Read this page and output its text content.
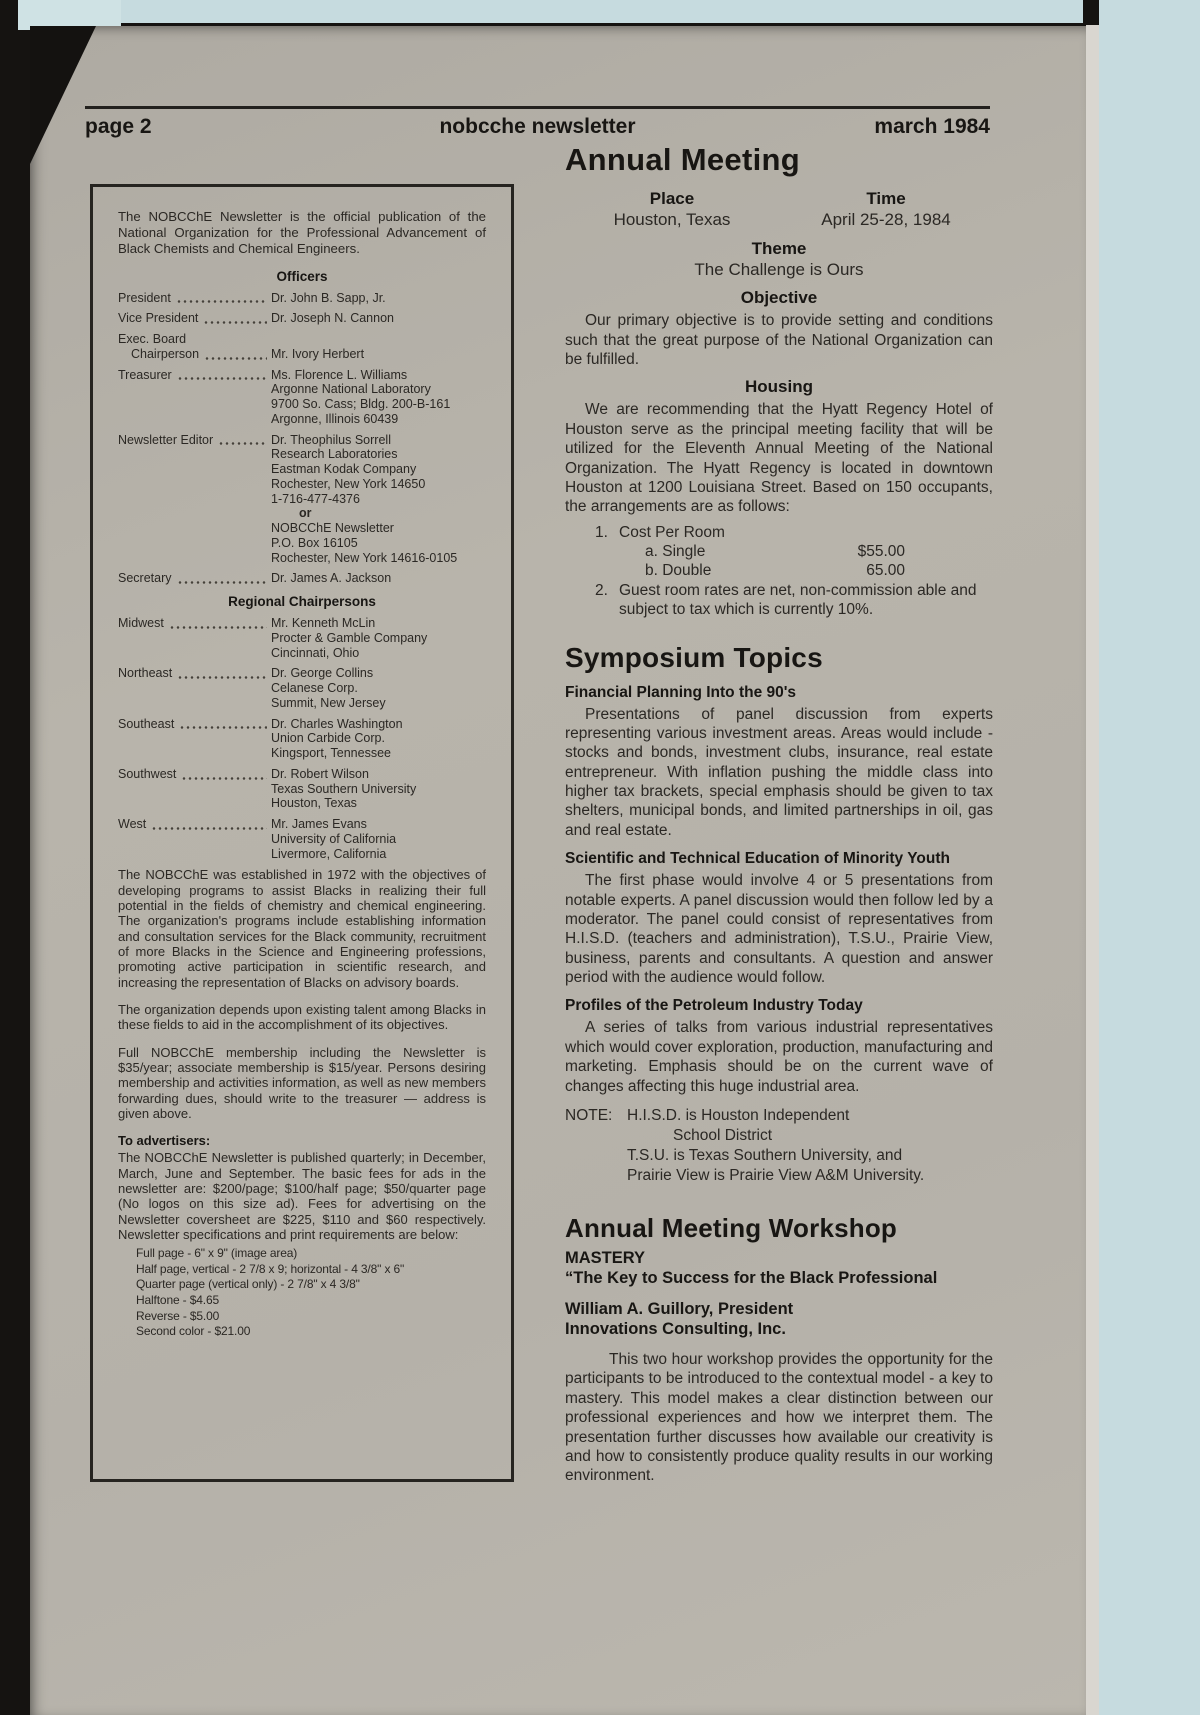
page 2	nobcche newsletter	march 1984

The NOBCChE Newsletter is the official publication of the National Organization for the Professional Advancement of Black Chemists and Chemical Engineers.

Officers
President	Dr. John B. Sapp, Jr.
Vice President	Dr. Joseph N. Cannon
Exec. Board
Chairperson	Mr. Ivory Herbert
Treasurer	Ms. Florence L. Williams
Argonne National Laboratory
9700 So. Cass; Bldg. 200-B-161
Argonne, Illinois 60439
Newsletter Editor	Dr. Theophilus Sorrell
Research Laboratories
Eastman Kodak Company
Rochester, New York 14650
1-716-477-4376
or
NOBCChE Newsletter
P.O. Box 16105
Rochester, New York 14616-0105
Secretary	Dr. James A. Jackson
Regional Chairpersons
Midwest	Mr. Kenneth McLin
Procter & Gamble Company
Cincinnati, Ohio
Northeast	Dr. George Collins
Celanese Corp.
Summit, New Jersey
Southeast	Dr. Charles Washington
Union Carbide Corp.
Kingsport, Tennessee
Southwest	Dr. Robert Wilson
Texas Southern University
Houston, Texas
West	Mr. James Evans
University of California
Livermore, California

The NOBCChE was established in 1972 with the objectives of developing programs to assist Blacks in realizing their full potential in the fields of chemistry and chemical engineering. The organization's programs include establishing information and consultation services for the Black community, recruitment of more Blacks in the Science and Engineering professions, promoting active participation in scientific research, and increasing the representation of Blacks on advisory boards.

The organization depends upon existing talent among Blacks in these fields to aid in the accomplishment of its objectives.

Full NOBCChE membership including the Newsletter is $35/year; associate membership is $15/year. Persons desiring membership and activities information, as well as new members forwarding dues, should write to the treasurer — address is given above.

To advertisers:

The NOBCChE Newsletter is published quarterly; in December, March, June and September. The basic fees for ads in the newsletter are: $200/page; $100/half page; $50/quarter page (No logos on this size ad). Fees for advertising on the Newsletter coversheet are $225, $110 and $60 respectively. Newsletter specifications and print requirements are below:

Full page - 6" x 9" (image area)
Half page, vertical - 2 7/8 x 9; horizontal - 4 3/8" x 6"
Quarter page (vertical only) - 2 7/8" x 4 3/8"
Halftone - $4.65
Reverse - $5.00
Second color - $21.00
Annual Meeting
Place
Houston, Texas
Time
April 25-28, 1984
Theme
The Challenge is Ours
Objective

Our primary objective is to provide setting and conditions such that the great purpose of the National Organization can be fulfilled.

Housing

We are recommending that the Hyatt Regency Hotel of Houston serve as the principal meeting facility that will be utilized for the Eleventh Annual Meeting of the National Organization. The Hyatt Regency is located in downtown Houston at 1200 Louisiana Street. Based on 150 occupants, the arrangements are as follows:

1. Cost Per Room
a. Single	$55.00
b. Double	65.00
2. Guest room rates are net, non-commission able and subject to tax which is currently 10%.
Symposium Topics
Financial Planning Into the 90's

Presentations of panel discussion from experts representing various investment areas. Areas would include - stocks and bonds, investment clubs, insurance, real estate entrepreneur. With inflation pushing the middle class into higher tax brackets, special emphasis should be given to tax shelters, municipal bonds, and limited partnerships in oil, gas and real estate.

Scientific and Technical Education of Minority Youth

The first phase would involve 4 or 5 presentations from notable experts. A panel discussion would then follow led by a moderator. The panel could consist of representatives from H.I.S.D. (teachers and administration), T.S.U., Prairie View, business, parents and consultants. A question and answer period with the audience would follow.

Profiles of the Petroleum Industry Today

A series of talks from various industrial representatives which would cover exploration, production, manufacturing and marketing. Emphasis should be on the current wave of changes affecting this huge industrial area.

NOTE: H.I.S.D. is Houston Independent
School District
T.S.U. is Texas Southern University, and
Prairie View is Prairie View A&M University.
Annual Meeting Workshop
MASTERY
“The Key to Success for the Black Professional
William A. Guillory, President
Innovations Consulting, Inc.

This two hour workshop provides the opportunity for the participants to be introduced to the contextual model - a key to mastery. This model makes a clear distinction between our professional experiences and how we interpret them. The presentation further discusses how available our creativity is and how to consistently produce quality results in our working environment.
